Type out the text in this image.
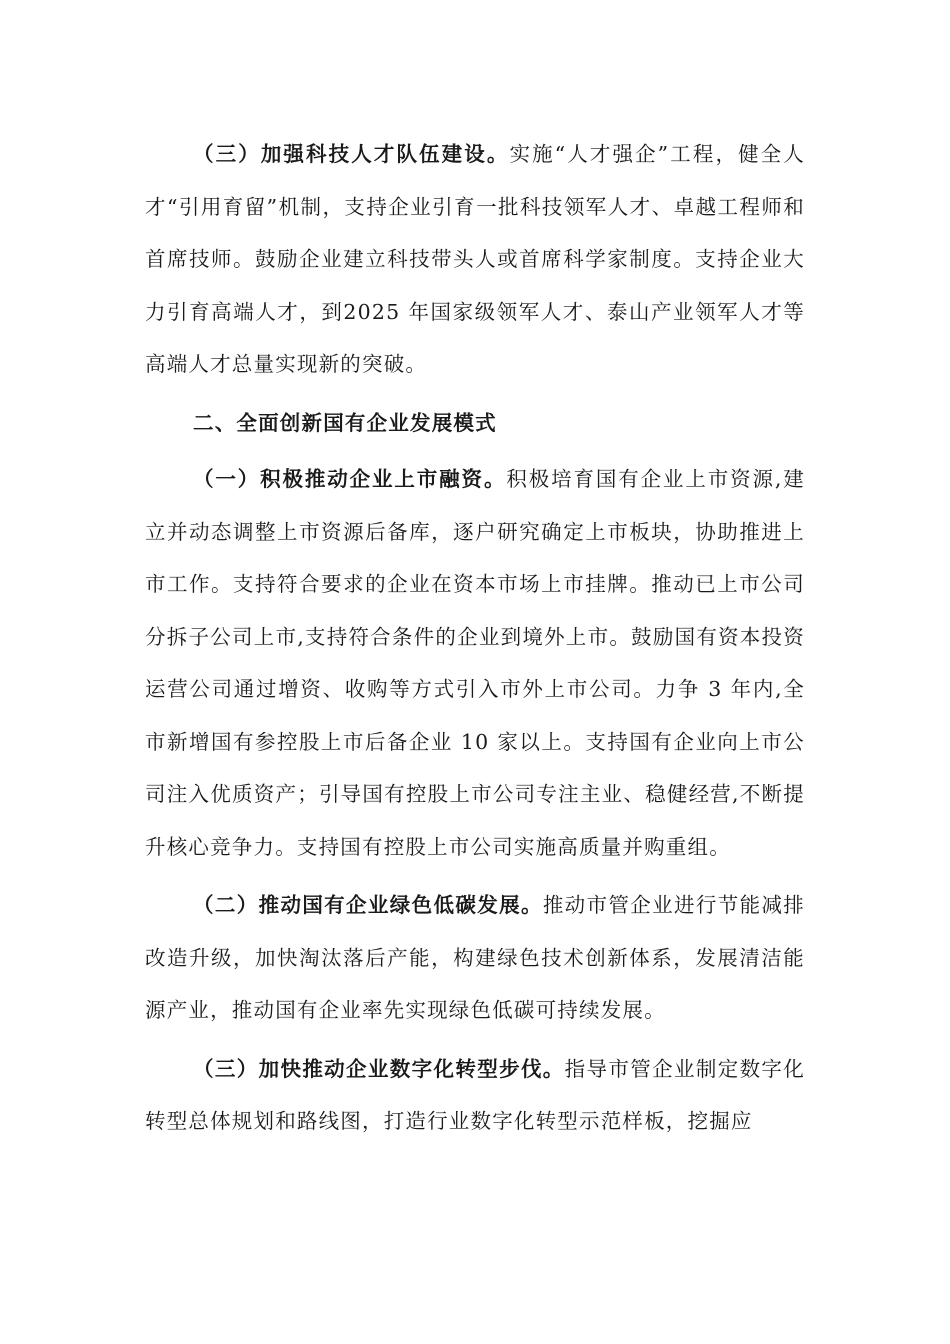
（三）加强科技人才队伍建设。实施“人才强企”工程，健全人才“引用育留”机制，支持企业引育一批科技领军人才、卓越工程师和首席技师。鼓励企业建立科技带头人或首席科学家制度。支持企业大力引育高端人才，到2025 年国家级领军人才、泰山产业领军人才等高端人才总量实现新的突破。

二、全面创新国有企业发展模式

（一）积极推动企业上市融资。积极培育国有企业上市资源,建立并动态调整上市资源后备库，逐户研究确定上市板块，协助推进上市工作。支持符合要求的企业在资本市场上市挂牌。推动已上市公司分拆子公司上市,支持符合条件的企业到境外上市。鼓励国有资本投资运营公司通过增资、收购等方式引入市外上市公司。力争 3 年内,全市新增国有参控股上市后备企业 10 家以上。支持国有企业向上市公司注入优质资产；引导国有控股上市公司专注主业、稳健经营,不断提升核心竞争力。支持国有控股上市公司实施高质量并购重组。

（二）推动国有企业绿色低碳发展。推动市管企业进行节能减排改造升级，加快淘汰落后产能，构建绿色技术创新体系，发展清洁能源产业，推动国有企业率先实现绿色低碳可持续发展。

（三）加快推动企业数字化转型步伐。指导市管企业制定数字化转型总体规划和路线图，打造行业数字化转型示范样板，挖掘应
